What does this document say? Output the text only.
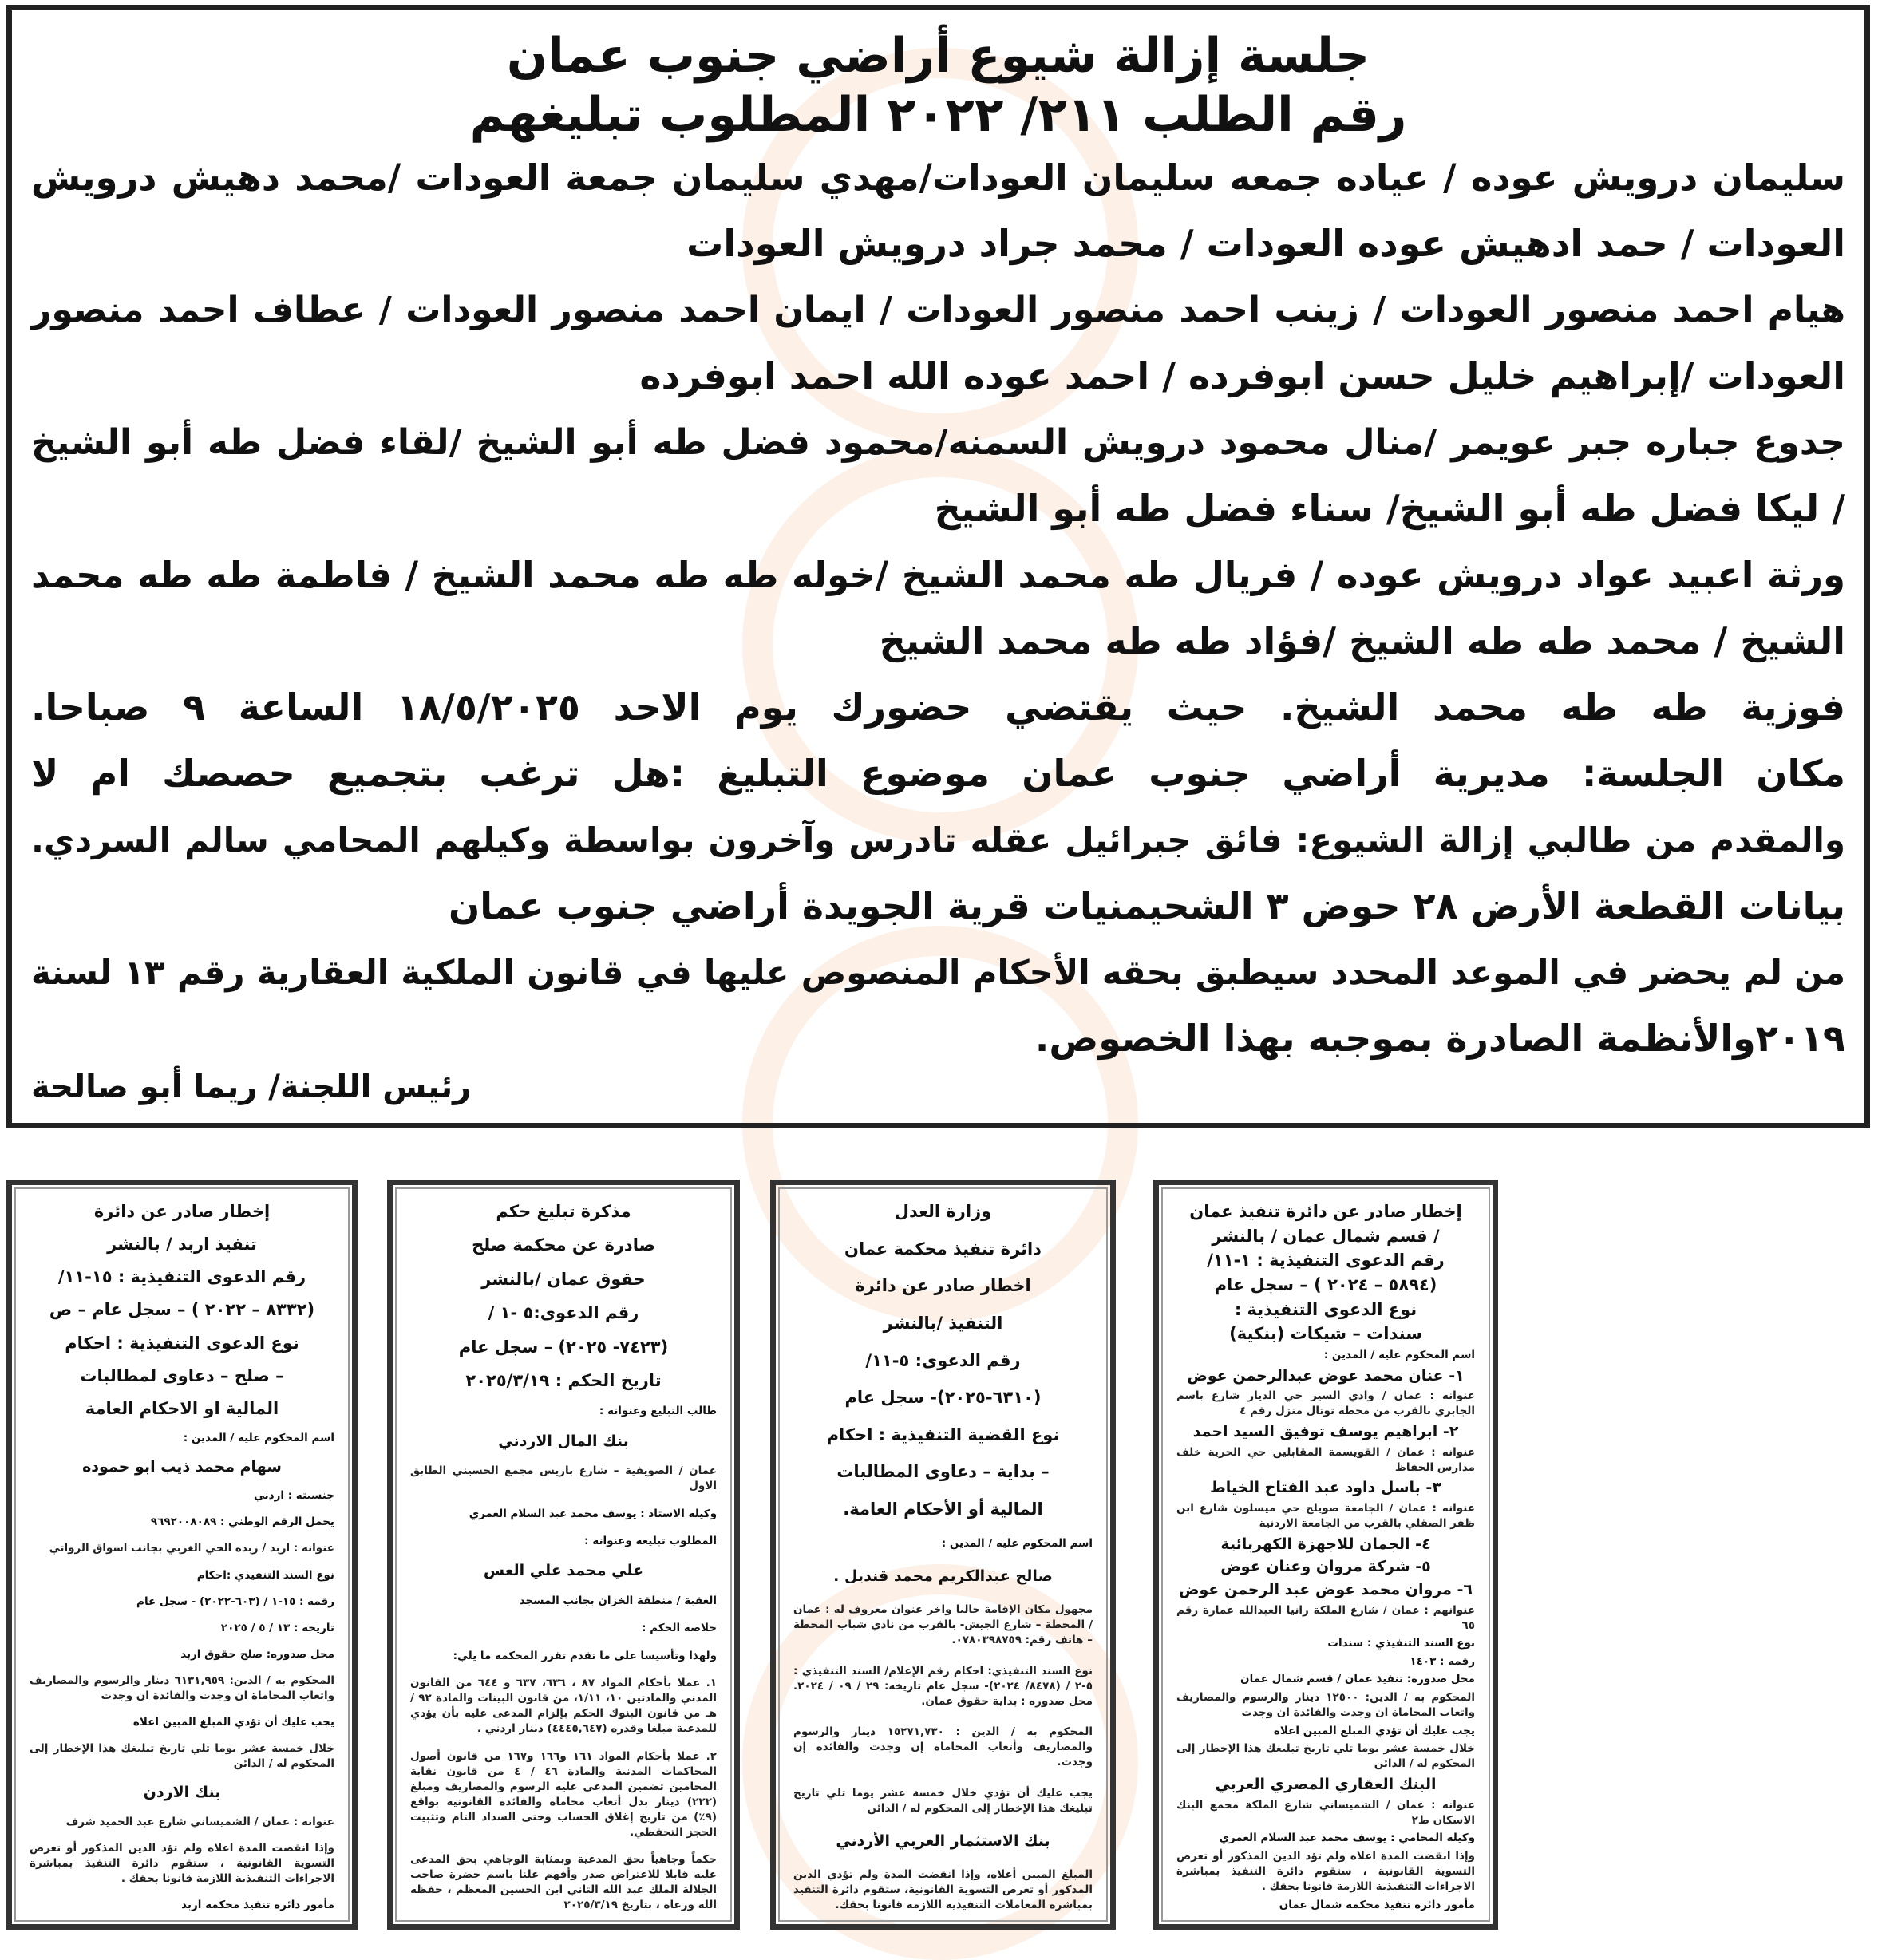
جلسة إزالة شيوع أراضي جنوب عمان
رقم الطلب ٢١١/ ٢٠٢٢ المطلوب تبليغهم
سليمان درويش عوده / عياده جمعه سليمان العودات/مهدي سليمان جمعة العودات /محمد دهيش درويش
العودات / حمد ادهيش عوده العودات / محمد جراد درويش العودات
هيام احمد منصور العودات / زينب احمد منصور العودات / ايمان احمد منصور العودات / عطاف احمد منصور
العودات /إبراهيم خليل حسن ابوفرده / احمد عوده الله احمد ابوفرده
جدوع جباره جبر عويمر /منال محمود درويش السمنه/محمود فضل طه أبو الشيخ /لقاء فضل طه أبو الشيخ
/ ليكا فضل طه أبو الشيخ/ سناء فضل طه أبو الشيخ
ورثة اعبيد عواد درويش عوده / فريال طه محمد الشيخ /خوله طه طه محمد الشيخ / فاطمة طه طه محمد
الشيخ / محمد طه طه الشيخ /فؤاد طه طه محمد الشيخ
فوزية طه طه محمد الشيخ. حيث يقتضي حضورك يوم الاحد ١٨/٥/٢٠٢٥ الساعة ٩ صباحا.
مكان الجلسة: مديرية أراضي جنوب عمان موضوع التبليغ :هل ترغب بتجميع حصصك ام لا
والمقدم من طالبي إزالة الشيوع: فائق جبرائيل عقله تادرس وآخرون بواسطة وكيلهم المحامي سالم السردي.
بيانات القطعة الأرض ٢٨ حوض ٣ الشحيمنيات قرية الجويدة أراضي جنوب عمان
من لم يحضر في الموعد المحدد سيطبق بحقه الأحكام المنصوص عليها في قانون الملكية العقارية رقم ١٣ لسنة
٢٠١٩والأنظمة الصادرة بموجبه بهذا الخصوص.
رئيس اللجنة/ ريما أبو صالحة
إخطار صادر عن دائرة تنفيذ عمان
/ قسم شمال عمان / بالنشر
رقم الدعوى التنفيذية : ١-١١/
(٥٨٩٤ – ٢٠٢٤ ) – سجل عام
نوع الدعوى التنفيذية :
سندات – شيكات (بنكية)
اسم المحكوم عليه / المدين :
١- عنان محمد عوض عبدالرحمن عوض
عنوانه : عمان / وادي السير حي الديار شارع باسم الجابري بالقرب من محطة توتال منزل رقم ٤
٢- ابراهيم يوسف توفيق السيد احمد
عنوانه : عمان / القويسمة المقابلين حي الحرية خلف مدارس الحفاظ
٣- باسل داود عبد الفتاح الخياط
عنوانه : عمان / الجامعة صويلح حي ميسلون شارع ابن ظفر الصقلي بالقرب من الجامعة الاردنية
٤- الجمان للاجهزة الكهربائية
٥- شركة مروان وعنان عوض
٦- مروان محمد عوض عبد الرحمن عوض
عنوانهم : عمان / شارع الملكة رانيا العبدالله عمارة رقم ٦٥
نوع السند التنفيذي : سندات
رقمه : ١٤٠٣
محل صدوره: تنفيذ عمان / قسم شمال عمان
المحكوم به / الدين: ١٢٥٠٠ دينار والرسوم والمصاريف واتعاب المحاماة ان وجدت والفائدة ان وجدت
يجب عليك أن تؤدي المبلغ المبين اعلاه
خلال خمسة عشر يوما تلي تاريخ تبليغك هذا الإخطار إلى المحكوم له / الدائن
البنك العقاري المصري العربي
عنوانه : عمان / الشميساني شارع الملكة مجمع البنك الاسكان ط٢
وكيله المحامي : يوسف محمد عبد السلام العمري
وإذا انقضت المدة اعلاه ولم تؤد الدين المذكور أو تعرض التسوية القانونية ، ستقوم دائرة التنفيذ بمباشرة الاجراءات التنفيذية اللازمة قانونا بحقك .
مأمور دائرة تنفيذ محكمة شمال عمان
وزارة العدل
دائرة تنفيذ محكمة عمان
اخطار صادر عن دائرة
التنفيذ /بالنشر
رقم الدعوى: ٥-١١/
(٦٣١٠-٢٠٢٥)- سجل عام
نوع القضية التنفيذية : احكام
– بداية – دعاوى المطالبات
المالية أو الأحكام العامة.
اسم المحكوم عليه / المدين :
صالح عبدالكريم محمد قنديل .
مجهول مكان الإقامة حاليا واخر عنوان معروف له : عمان / المحطة – شارع الجيش- بالقرب من نادي شباب المحطة – هاتف رقم: ٠٧٨٠٣٩٨٧٥٩.
نوع السند التنفيذي: احكام رقم الإعلام/ السند التنفيذي : ٥-٢ / (٨٤٧٨/ ٢٠٢٤)- سجل عام تاريخه: ٢٩ / ٠٩ / ٢٠٢٤. محل صدوره : بداية حقوق عمان.
المحكوم به / الدين : ١٥٢٧١,٧٣٠ دينار والرسوم والمصاريف وأتعاب المحاماة إن وجدت والفائدة إن وجدت.
يجب عليك أن تؤدي خلال خمسة عشر يوما تلي تاريخ تبليغك هذا الإخطار إلى المحكوم له / الدائن
بنك الاستثمار العربي الأردني
المبلغ المبين أعلاه، وإذا انقضت المدة ولم تؤدي الدين المذكور أو تعرض التسوية القانونية، ستقوم دائرة التنفيذ بمباشرة المعاملات التنفيذية اللازمة قانونا بحقك.
مذكرة تبليغ حكم
صادرة عن محكمة صلح
حقوق عمان /بالنشر
رقم الدعوى:٥ -١ /
(٧٤٢٣- ٢٠٢٥) – سجل عام
تاريخ الحكم : ٢٠٢٥/٣/١٩
طالب التبليغ وعنوانه :
بنك المال الاردني
عمان / الصويفية – شارع باريس مجمع الحسيني الطابق الاول
وكيله الاستاذ : يوسف محمد عبد السلام العمري
المطلوب تبليغه وعنوانه :
علي محمد علي العس
العقبة / منطقة الخزان بجانب المسجد
خلاصة الحكم :
ولهذا وتأسيسا على ما تقدم تقرر المحكمة ما يلي:
١. عملا بأحكام المواد ٨٧ ، ٦٣٦، ٦٣٧ و ٦٤٤ من القانون المدني والمادتين ١٠، ١/١١، من قانون البينات والمادة ٩٢ /هـ من قانون البنوك الحكم بإلزام المدعى عليه بأن يؤدي للمدعية مبلغا وقدره (٤٤٤٥,٦٤٧) دينار اردني .
٢. عملا بأحكام المواد ١٦١ و١٦٦ و١٦٧ من قانون أصول المحاكمات المدنية والمادة ٤٦ / ٤ من قانون نقابة المحامين تضمين المدعى عليه الرسوم والمصاريف ومبلغ (٢٢٢) دينار بدل أتعاب محاماة والفائدة القانونية بواقع (٩٪) من تاريخ إغلاق الحساب وحتى السداد التام وتثبيت الحجز التحفظي.
حكماً وجاهياً بحق المدعية وبمثابة الوجاهي بحق المدعى عليه قابلا للاعتراض صدر وأفهم علنا باسم حضرة صاحب الجلالة الملك عبد الله الثاني ابن الحسين المعظم ، حفظه الله ورعاه ، بتاريخ ٢٠٢٥/٣/١٩
إخطار صادر عن دائرة
تنفيذ اربد / بالنشر
رقم الدعوى التنفيذية : ١٥-١١/
(٨٣٣٢ – ٢٠٢٢ ) – سجل عام – ص
نوع الدعوى التنفيذية : احكام
– صلح – دعاوى لمطالبات
المالية او الاحكام العامة
اسم المحكوم عليه / المدين :
سهام محمد ذيب ابو حموده
جنسيته : اردني
يحمل الرقم الوطني : ٩٦٩٢٠٠٨٠٨٩
عنوانه : اربد / زبده الحي الغربي بجانب اسواق الزواتي
نوع السند التنفيذي :احكام
رقمه : ١٥-١ / (٦٠٣-٢٠٢٢) - سجل عام
تاريخه : ١٣ / ٥ / ٢٠٢٥
محل صدوره: صلح حقوق اربد
المحكوم به / الدين: ٦١٣١,٩٥٩ دينار والرسوم والمصاريف واتعاب المحاماة ان وجدت والفائدة ان وجدت
يجب عليك أن تؤدي المبلغ المبين اعلاه
خلال خمسة عشر يوما تلي تاريخ تبليغك هذا الإخطار إلى المحكوم له / الدائن
بنك الاردن
عنوانه : عمان / الشميساني شارع عبد الحميد شرف
وإذا انقضت المدة اعلاه ولم تؤد الدين المذكور أو تعرض التسوية القانونية ، ستقوم دائرة التنفيذ بمباشرة الاجراءات التنفيذية اللازمة قانونا بحقك .
مأمور دائرة تنفيذ محكمة اربد
